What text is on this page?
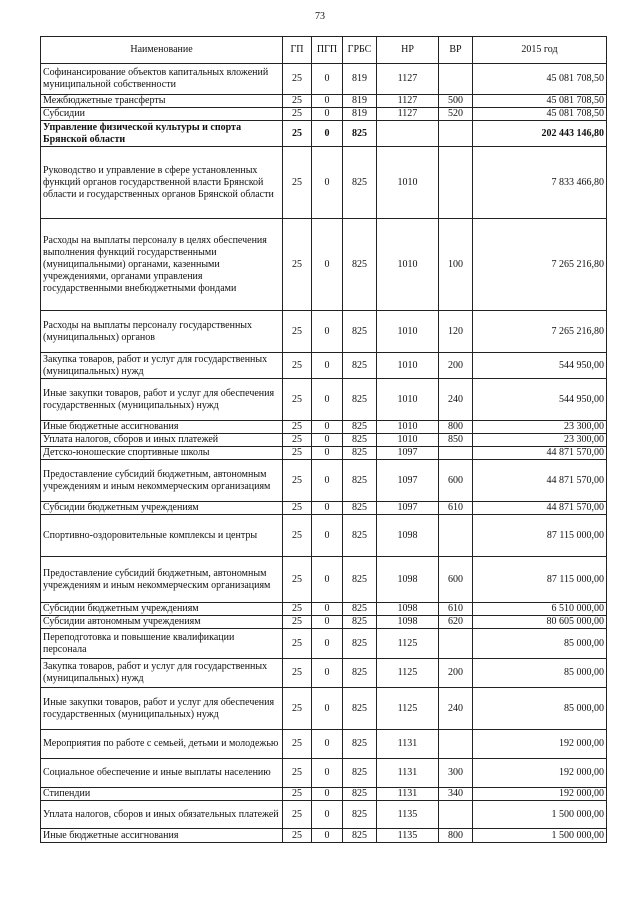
73
Наименование	ГП	ПГП	ГРБС	НР	ВР	2015 год
Софинансирование объектов капитальных вложений муниципальной собственности	25	0	819	1127		45 081 708,50
Межбюджетные трансферты	25	0	819	1127	500	45 081 708,50
Субсидии	25	0	819	1127	520	45 081 708,50
Управление физической культуры и спорта Брянской области	25	0	825			202 443 146,80
Руководство и управление в сфере установленных функций органов государственной власти Брянской области и государственных органов Брянской области	25	0	825	1010		7 833 466,80
Расходы на выплаты персоналу в целях обеспечения выполнения функций государственными (муниципальными) органами, казенными учреждениями, органами управления государственными внебюджетными фондами	25	0	825	1010	100	7 265 216,80
Расходы на выплаты персоналу государственных (муниципальных) органов	25	0	825	1010	120	7 265 216,80
Закупка товаров, работ и услуг для государственных (муниципальных) нужд	25	0	825	1010	200	544 950,00
Иные закупки товаров, работ и услуг для обеспечения государственных (муниципальных) нужд	25	0	825	1010	240	544 950,00
Иные бюджетные ассигнования	25	0	825	1010	800	23 300,00
Уплата налогов, сборов и иных платежей	25	0	825	1010	850	23 300,00
Детско-юношеские спортивные школы	25	0	825	1097		44 871 570,00
Предоставление субсидий бюджетным, автономным учреждениям и иным некоммерческим организациям	25	0	825	1097	600	44 871 570,00
Субсидии бюджетным учреждениям	25	0	825	1097	610	44 871 570,00
Спортивно-оздоровительные комплексы и центры	25	0	825	1098		87 115 000,00
Предоставление субсидий бюджетным, автономным учреждениям и иным некоммерческим организациям	25	0	825	1098	600	87 115 000,00
Субсидии бюджетным учреждениям	25	0	825	1098	610	6 510 000,00
Субсидии автономным учреждениям	25	0	825	1098	620	80 605 000,00
Переподготовка и повышение квалификации персонала	25	0	825	1125		85 000,00
Закупка товаров, работ и услуг для государственных (муниципальных) нужд	25	0	825	1125	200	85 000,00
Иные закупки товаров, работ и услуг для обеспечения государственных (муниципальных) нужд	25	0	825	1125	240	85 000,00
Мероприятия по работе с семьей, детьми и молодежью	25	0	825	1131		192 000,00
Социальное обеспечение и иные выплаты населению	25	0	825	1131	300	192 000,00
Стипендии	25	0	825	1131	340	192 000,00
Уплата налогов, сборов и иных обязательных платежей	25	0	825	1135		1 500 000,00
Иные бюджетные ассигнования	25	0	825	1135	800	1 500 000,00
